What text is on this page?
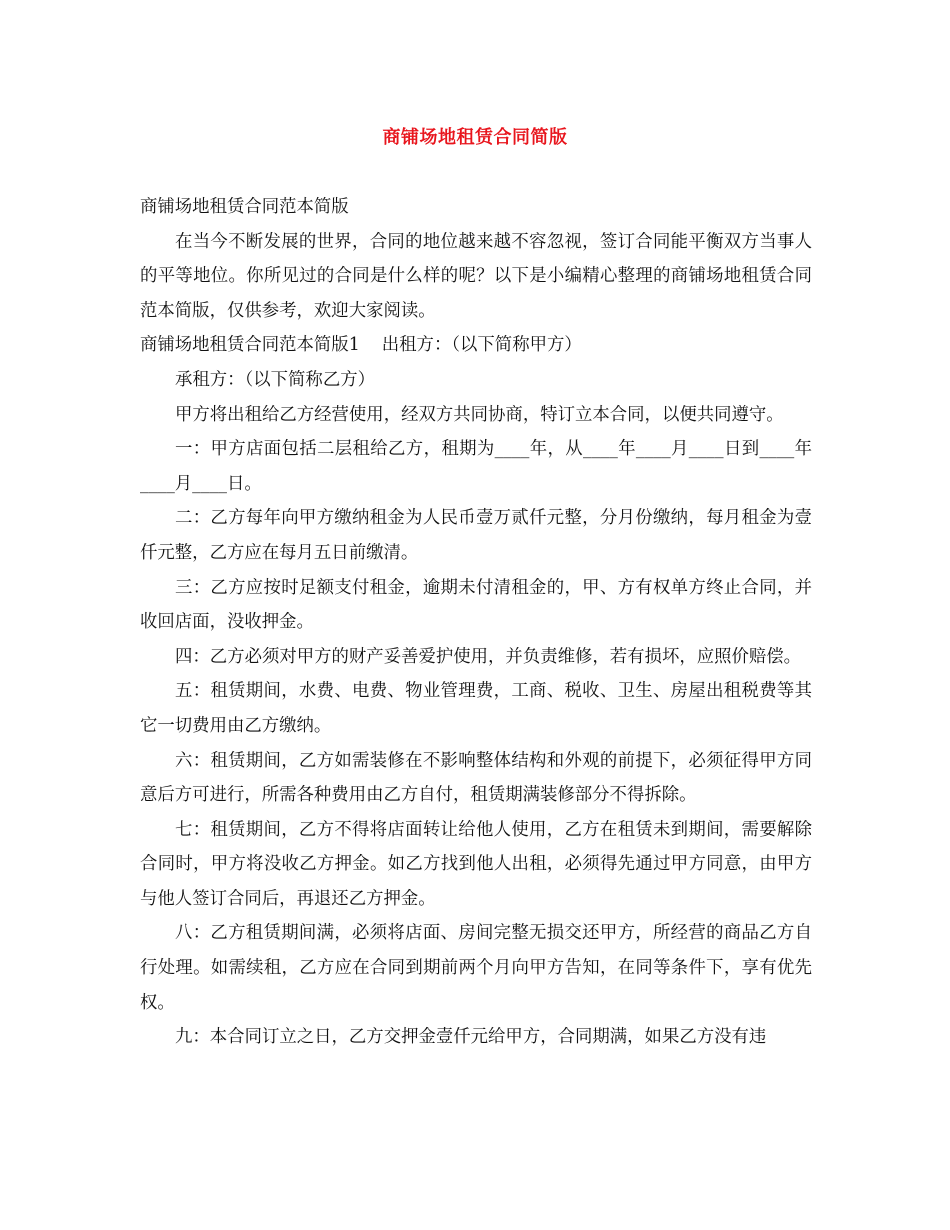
商铺场地租赁合同简版

商铺场地租赁合同范本简版

在当今不断发展的世界，合同的地位越来越不容忽视，签订合同能平衡双方当事人的平等地位。你所见过的合同是什么样的呢？以下是小编精心整理的商铺场地租赁合同范本简版，仅供参考，欢迎大家阅读。

商铺场地租赁合同范本简版1 出租方：（以下简称甲方）

承租方：（以下简称乙方）

甲方将出租给乙方经营使用，经双方共同协商，特订立本合同，以便共同遵守。

一：甲方店面包括二层租给乙方，租期为____年，从____年____月____日到____年____月____日。

二：乙方每年向甲方缴纳租金为人民币壹万贰仟元整，分月份缴纳，每月租金为壹仟元整，乙方应在每月五日前缴清。

三：乙方应按时足额支付租金，逾期未付清租金的，甲、方有权单方终止合同，并收回店面，没收押金。

四：乙方必须对甲方的财产妥善爱护使用，并负责维修，若有损坏，应照价赔偿。

五：租赁期间，水费、电费、物业管理费，工商、税收、卫生、房屋出租税费等其它一切费用由乙方缴纳。

六：租赁期间，乙方如需装修在不影响整体结构和外观的前提下，必须征得甲方同意后方可进行，所需各种费用由乙方自付，租赁期满装修部分不得拆除。

七：租赁期间，乙方不得将店面转让给他人使用，乙方在租赁未到期间，需要解除合同时，甲方将没收乙方押金。如乙方找到他人出租，必须得先通过甲方同意，由甲方与他人签订合同后，再退还乙方押金。

八：乙方租赁期间满，必须将店面、房间完整无损交还甲方，所经营的商品乙方自行处理。如需续租，乙方应在合同到期前两个月向甲方告知，在同等条件下，享有优先权。

九：本合同订立之日，乙方交押金壹仟元给甲方，合同期满，如果乙方没有违
